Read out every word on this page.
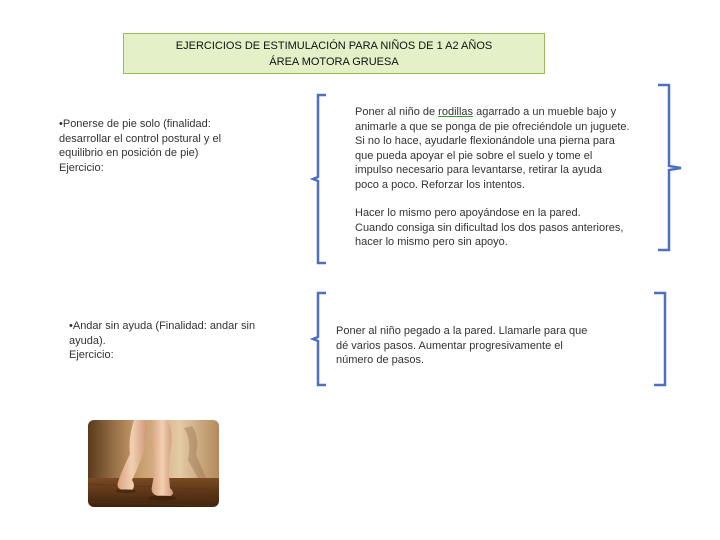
EJERCICIOS DE ESTIMULACIÓN PARA NIÑOS DE 1 A2 AÑOS
ÁREA MOTORA GRUESA
•Ponerse de pie solo (finalidad:
desarrollar el control postural y el
equilibrio en posición de pie)
Ejercicio:
Poner al niño de rodillas agarrado a un mueble bajo y
animarle a que se ponga de pie ofreciéndole un juguete.
Si no lo hace, ayudarle flexionándole una pierna para
que pueda apoyar el pie sobre el suelo y tome el
impulso necesario para levantarse, retirar la ayuda
poco a poco. Reforzar los intentos.
Hacer lo mismo pero apoyándose en la pared.
Cuando consiga sin dificultad los dos pasos anteriores,
hacer lo mismo pero sin apoyo.
•Andar sin ayuda (Finalidad: andar sin
ayuda).
Ejercicio:
Poner al niño pegado a la pared. Llamarle para que
dé varios pasos. Aumentar progresivamente el
número de pasos.
